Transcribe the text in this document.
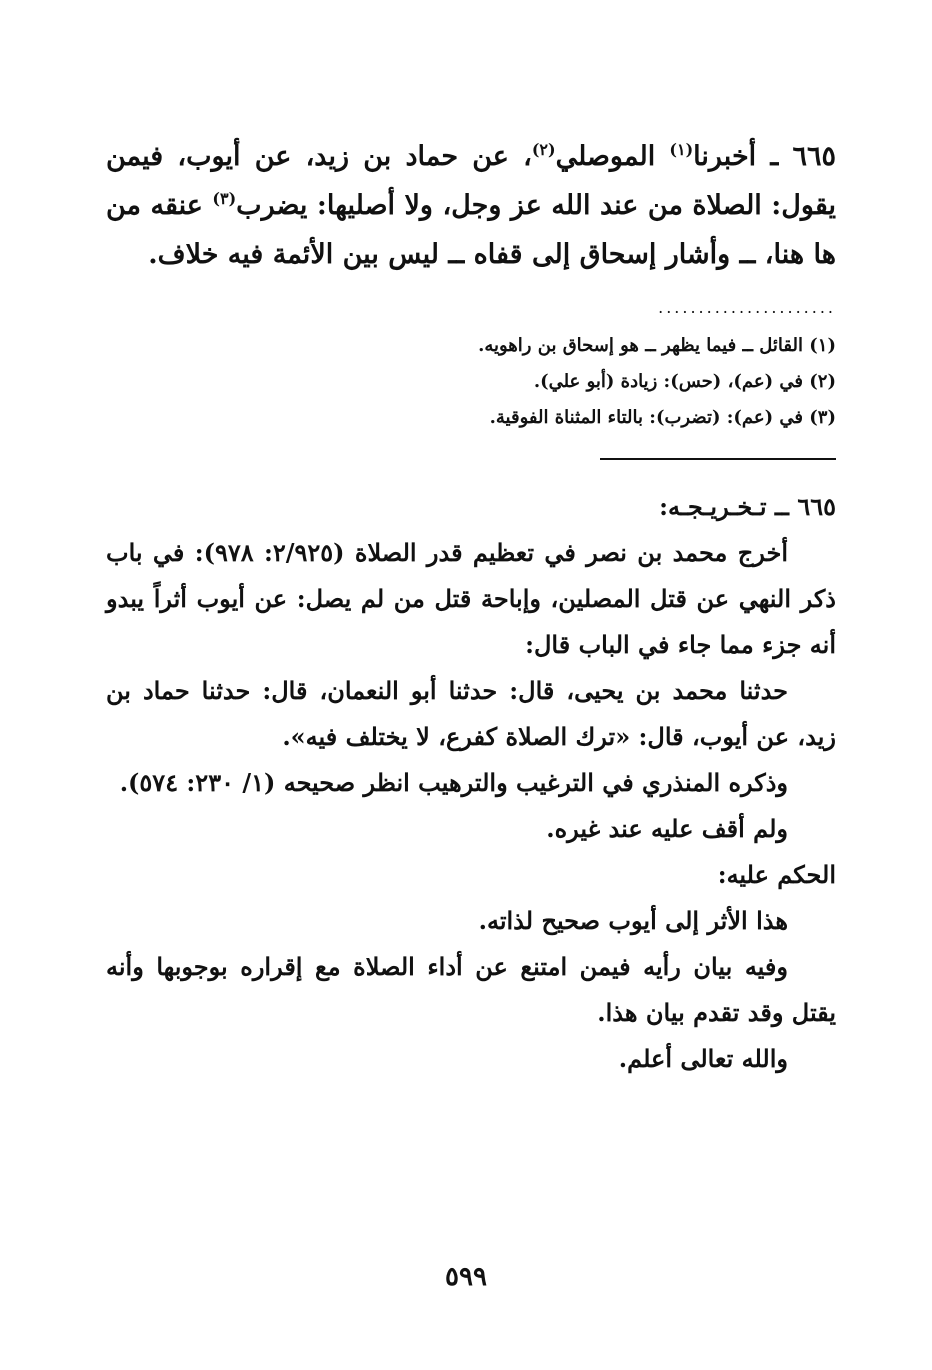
٦٦٥ ـ أخبرنا$^{(١)}$ الموصلي$^{(٢)}$، عن حماد بن زيد، عن أيوب، فيمن يقول: الصلاة من عند الله عز وجل، ولا أصليها: يضرب$^{(٣)}$ عنقه من ها هنا، ــ وأشار إسحاق إلى قفاه ــ ليس بين الأئمة فيه خلاف.
......................
(١) القائل ــ فيما يظهر ــ هو إسحاق بن راهويه.
(٢) في (عم)، (حس): زيادة (أبو علي).
(٣) في (عم): (تضرب): بالتاء المثناة الفوقية.
٦٦٥ ــ تـخـريـجـه:
أخرج محمد بن نصر في تعظيم قدر الصلاة (٢/٩٢٥: ٩٧٨): في باب ذكر النهي عن قتل المصلين، وإباحة قتل من لم يصل: عن أيوب أثراً يبدو أنه جزء مما جاء في الباب قال:
حدثنا محمد بن يحيى، قال: حدثنا أبو النعمان، قال: حدثنا حماد بن زيد، عن أيوب، قال: «ترك الصلاة كفرع، لا يختلف فيه».
وذكره المنذري في الترغيب والترهيب انظر صحيحه (١/ ٢٣٠: ٥٧٤).
ولم أقف عليه عند غيره.
الحكم عليه:
هذا الأثر إلى أيوب صحيح لذاته.
وفيه بيان رأيه فيمن امتنع عن أداء الصلاة مع إقراره بوجوبها وأنه يقتل وقد تقدم بيان هذا.
والله تعالى أعلم.
٥٩٩
